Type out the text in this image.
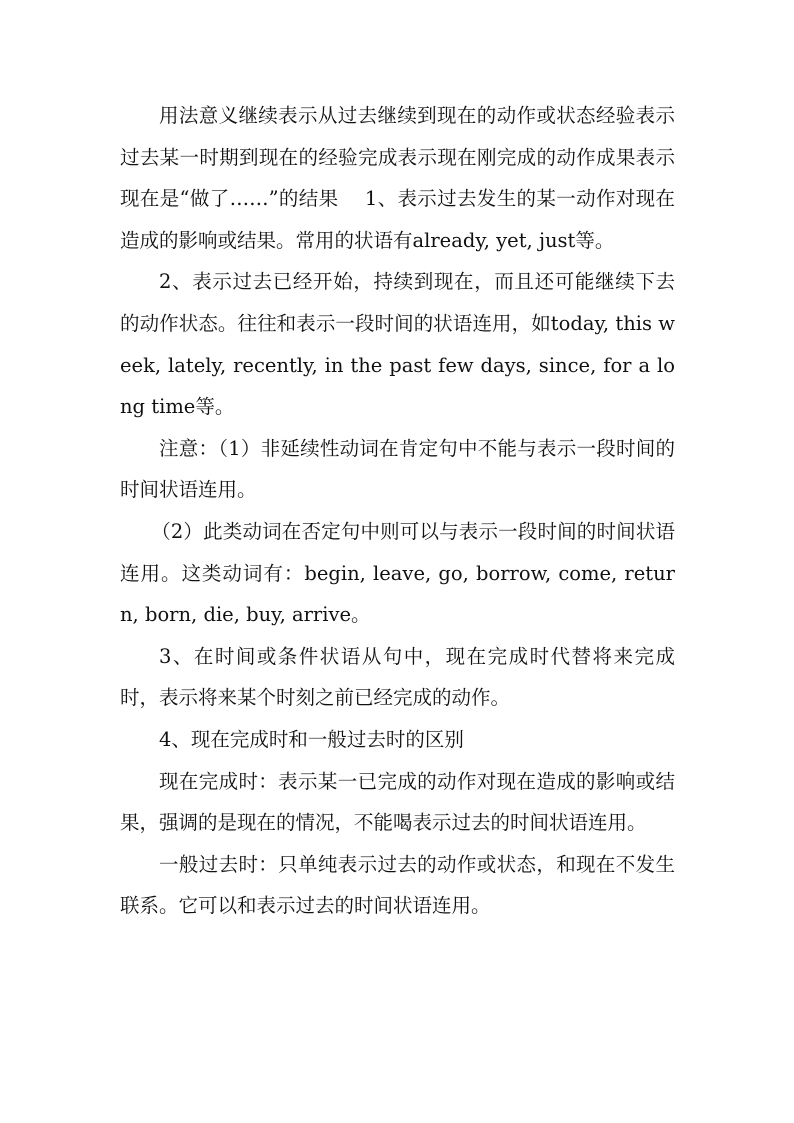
用法意义继续表示从过去继续到现在的动作或状态经验表示过去某一时期到现在的经验完成表示现在刚完成的动作成果表示现在是“做了……”的结果　 1、表示过去发生的某一动作对现在造成的影响或结果。常用的状语有already, yet, just等。

2、表示过去已经开始，持续到现在，而且还可能继续下去的动作状态。往往和表示一段时间的状语连用，如today, this week, lately, recently, in the past few days, since, for a long time等。

注意：（1）非延续性动词在肯定句中不能与表示一段时间的时间状语连用。

（2）此类动词在否定句中则可以与表示一段时间的时间状语连用。这类动词有：begin, leave, go, borrow, come, return, born, die, buy, arrive。

3、在时间或条件状语从句中，现在完成时代替将来完成时，表示将来某个时刻之前已经完成的动作。

4、现在完成时和一般过去时的区别

现在完成时：表示某一已完成的动作对现在造成的影响或结果，强调的是现在的情况，不能喝表示过去的时间状语连用。

一般过去时：只单纯表示过去的动作或状态，和现在不发生联系。它可以和表示过去的时间状语连用。
